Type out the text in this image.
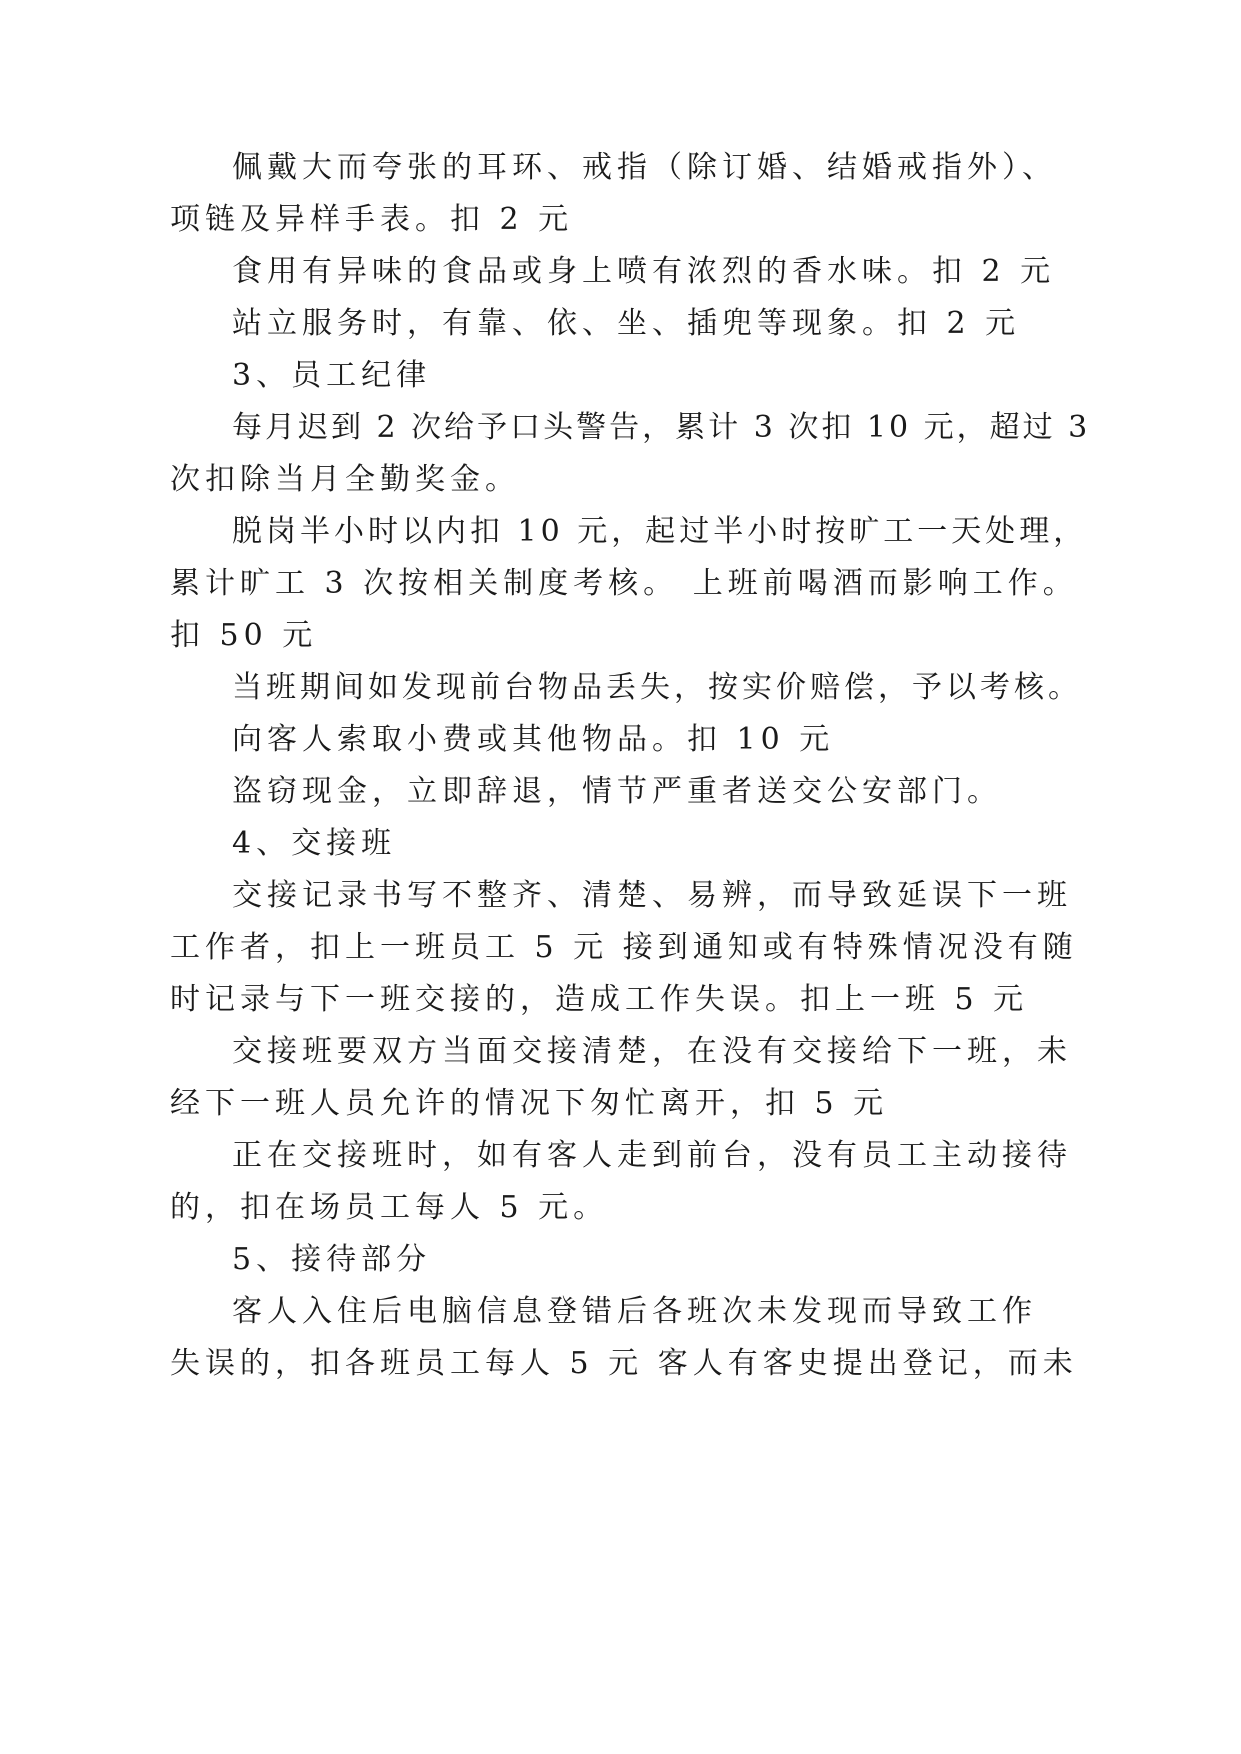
佩戴大而夸张的耳环、戒指（除订婚、结婚戒指外）、

项链及异样手表。扣 2 元

食用有异味的食品或身上喷有浓烈的香水味。扣 2 元

站立服务时，有靠、依、坐、插兜等现象。扣 2 元

3、员工纪律

每月迟到 2 次给予口头警告，累计 3 次扣 10 元，超过 3

次扣除当月全勤奖金。

脱岗半小时以内扣 10 元，起过半小时按旷工一天处理，

累计旷工 3 次按相关制度考核。 上班前喝酒而影响工作。

扣 50 元

当班期间如发现前台物品丢失，按实价赔偿，予以考核。

向客人索取小费或其他物品。扣 10 元

盗窃现金，立即辞退，情节严重者送交公安部门。

4、交接班

交接记录书写不整齐、清楚、易辨，而导致延误下一班

工作者，扣上一班员工 5 元 接到通知或有特殊情况没有随

时记录与下一班交接的，造成工作失误。扣上一班 5 元

交接班要双方当面交接清楚，在没有交接给下一班，未

经下一班人员允许的情况下匆忙离开，扣 5 元

正在交接班时，如有客人走到前台，没有员工主动接待

的，扣在场员工每人 5 元。

5、接待部分

客人入住后电脑信息登错后各班次未发现而导致工作

失误的，扣各班员工每人 5 元 客人有客史提出登记，而未
